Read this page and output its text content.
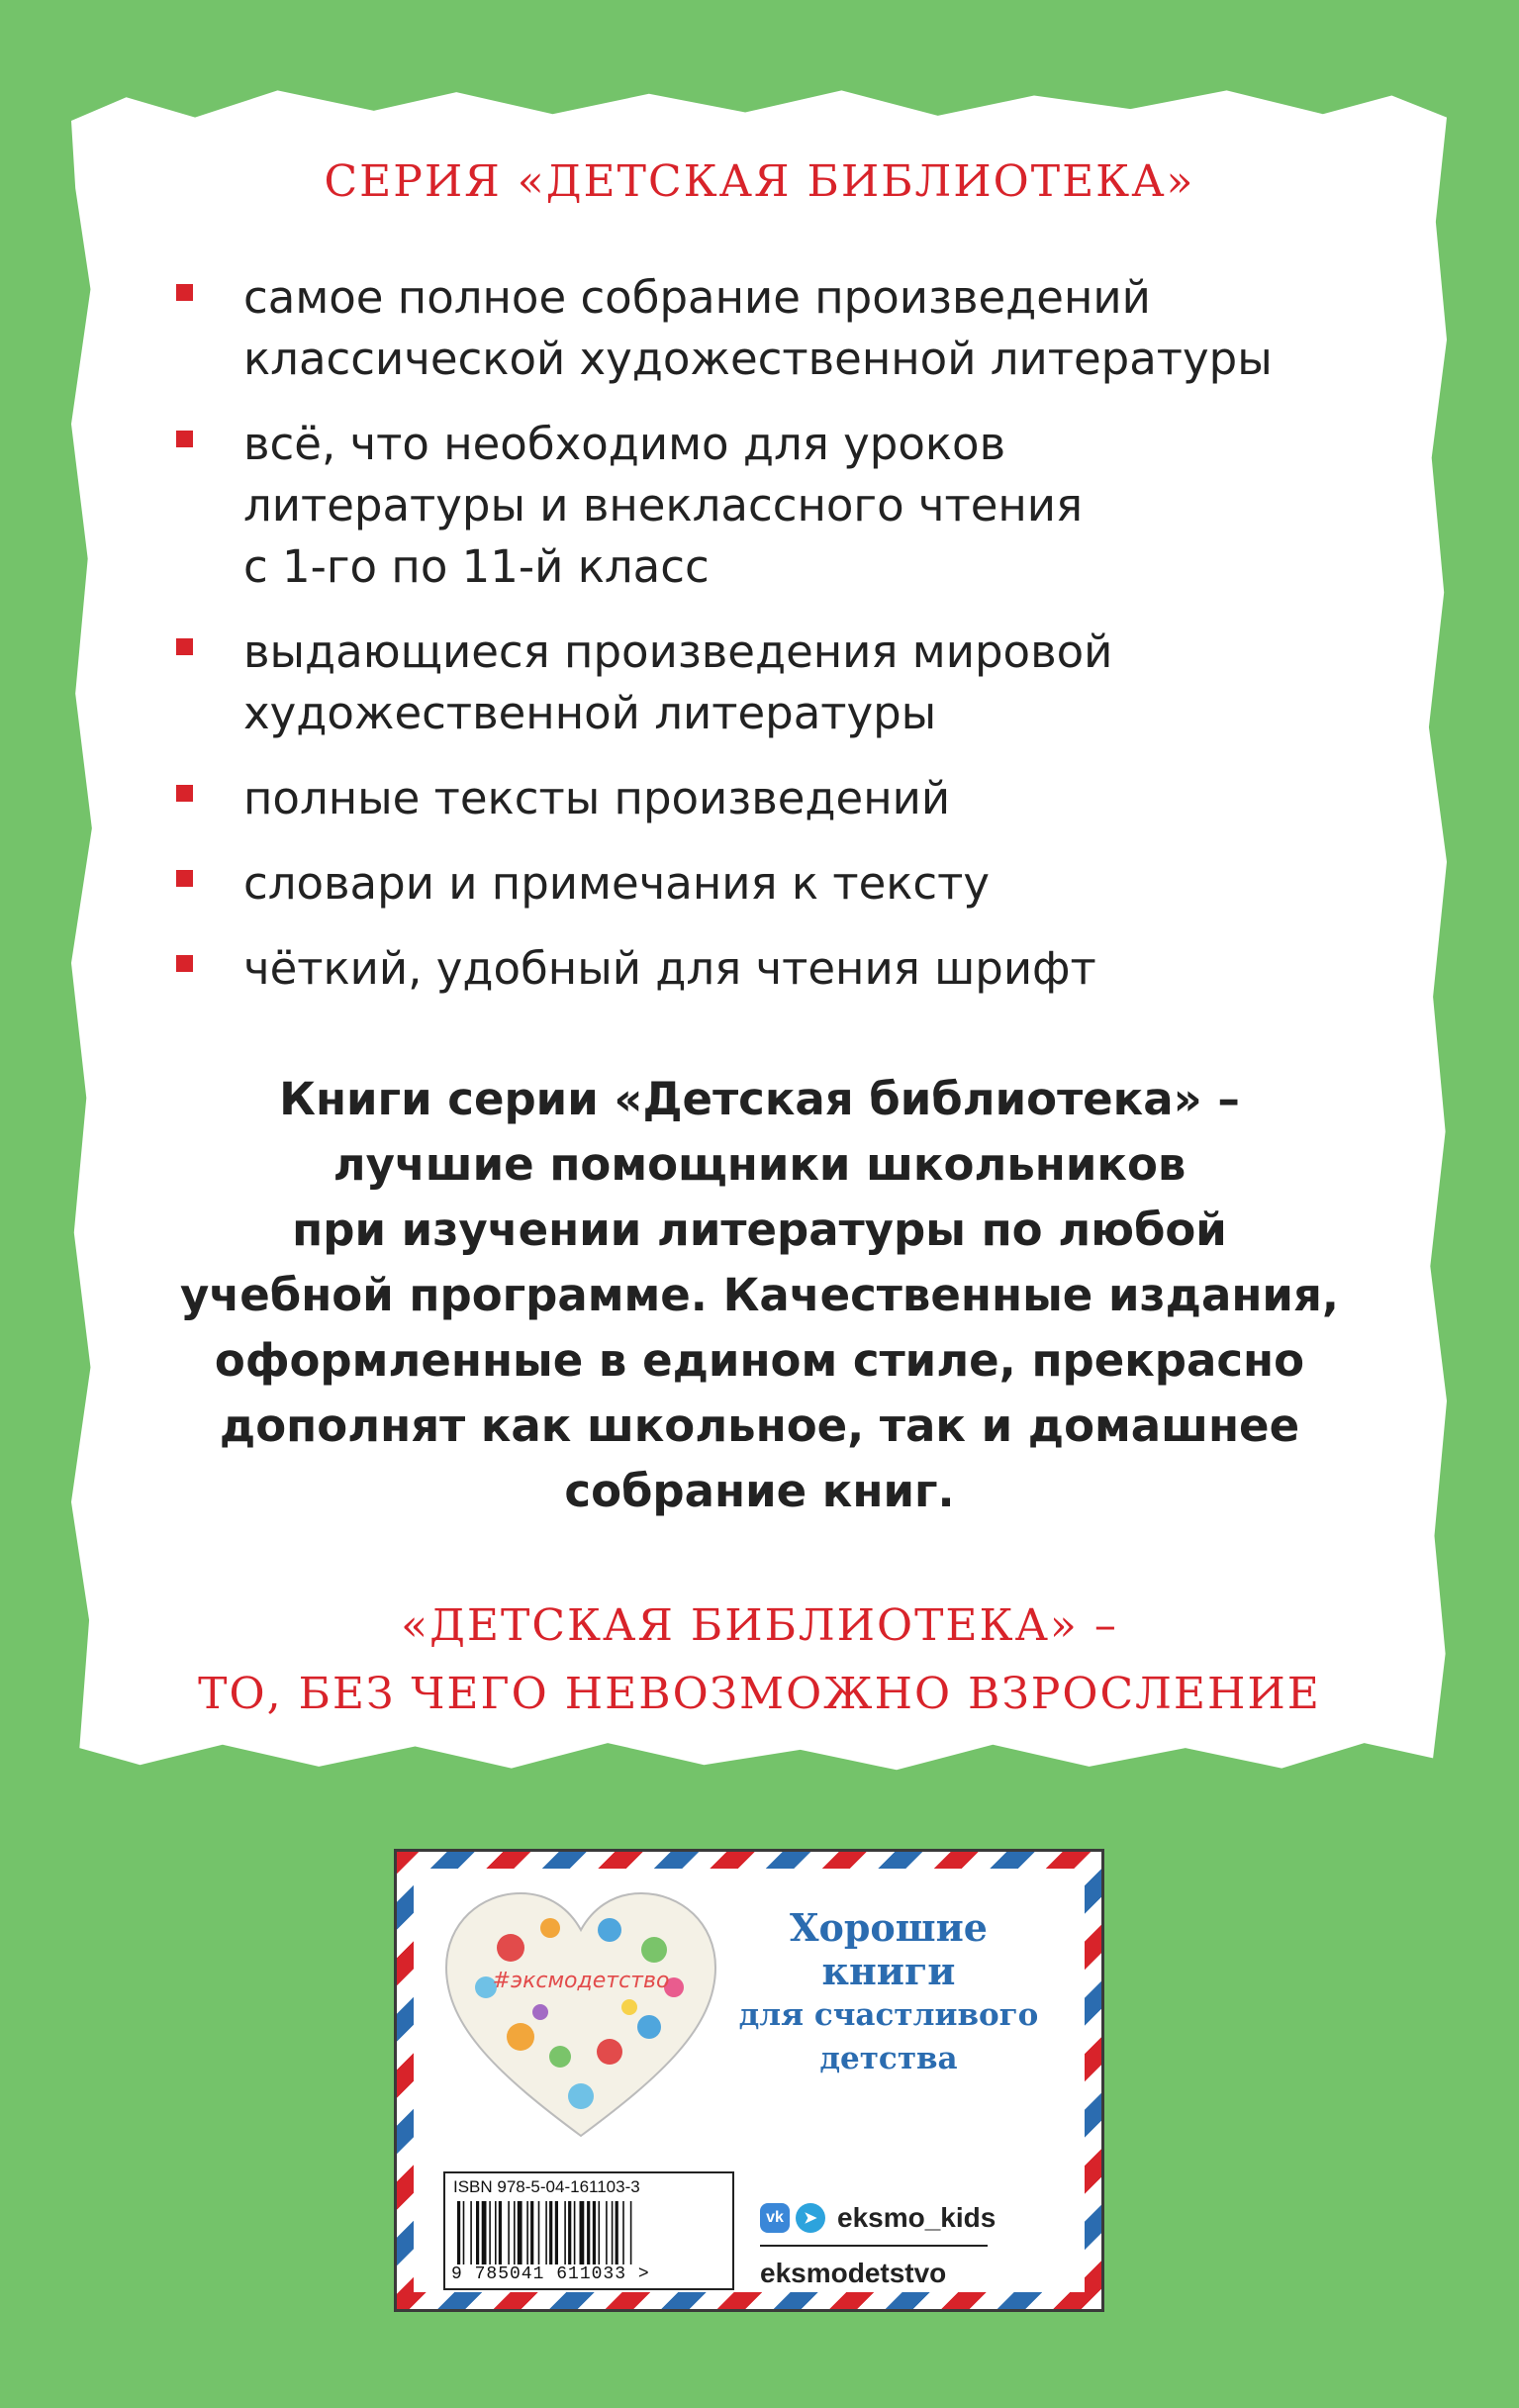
СЕРИЯ «ДЕТСКАЯ БИБЛИОТЕКА»
самое полное собрание произведений
классической художественной литературы
всё, что необходимо для уроков
литературы и внеклассного чтения
с 1-го по 11-й класс
выдающиеся произведения мировой
художественной литературы
полные тексты произведений
словари и примечания к тексту
чёткий, удобный для чтения шрифт
Книги серии «Детская библиотека» –
лучшие помощники школьников
при изучении литературы по любой
учебной программе. Качественные издания,
оформленные в едином стиле, прекрасно
дополнят как школьное, так и домашнее
собрание книг.
«ДЕТСКАЯ БИБЛИОТЕКА» –
ТО, БЕЗ ЧЕГО НЕВОЗМОЖНО ВЗРОСЛЕНИЕ
#эксмодетство
Хорошие
книги
для счастливого
детства
ISBN 978-5-04-161103-3
9 785041 611033 >
vk	➤ eksmo_kids
eksmodetstvo
